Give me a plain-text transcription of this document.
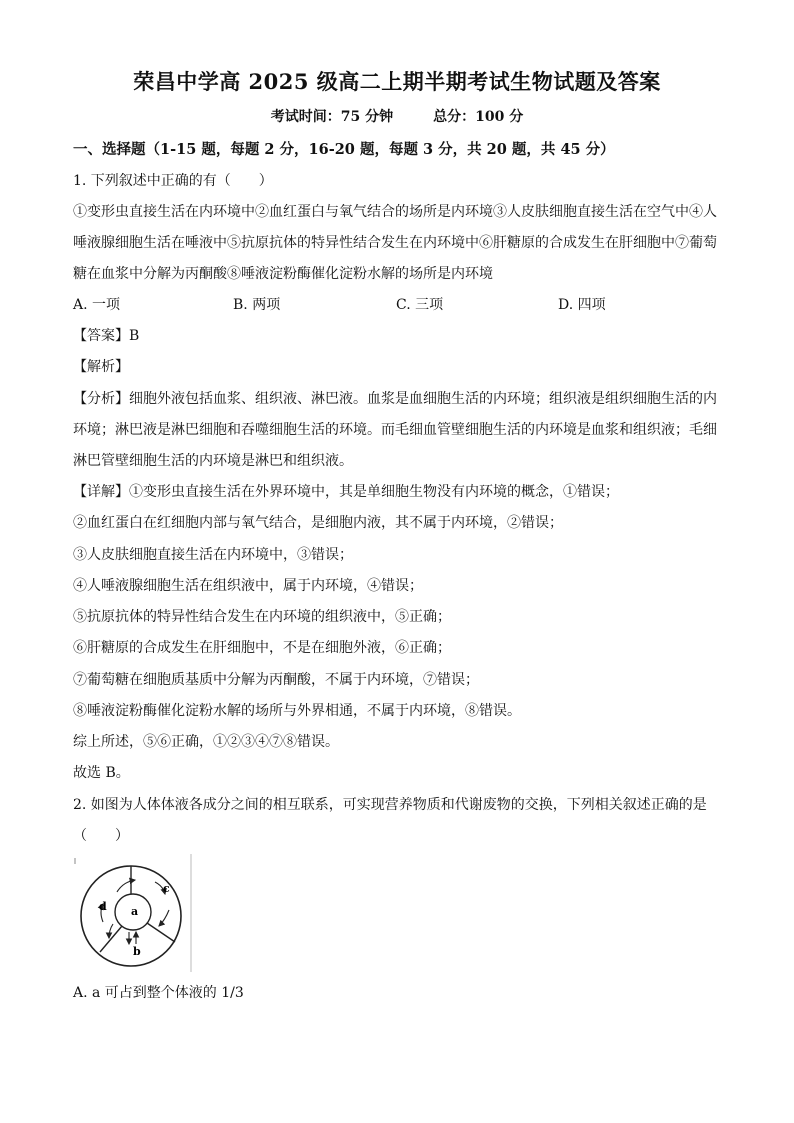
荣昌中学高 2025 级高二上期半期考试生物试题及答案
考试时间：75 分钟	总分：100 分
一、选择题（1-15 题，每题 2 分，16-20 题，每题 3 分，共 20 题，共 45 分）
1. 下列叙述中正确的有（　　）
①变形虫直接生活在内环境中②血红蛋白与氧气结合的场所是内环境③人皮肤细胞直接生活在空气中④人
唾液腺细胞生活在唾液中⑤抗原抗体的特异性结合发生在内环境中⑥肝糖原的合成发生在肝细胞中⑦葡萄
糖在血浆中分解为丙酮酸⑧唾液淀粉酶催化淀粉水解的场所是内环境
A. 一项	B. 两项	C. 三项	D. 四项
【答案】B
【解析】
【分析】细胞外液包括血浆、组织液、淋巴液。血浆是血细胞生活的内环境；组织液是组织细胞生活的内
环境；淋巴液是淋巴细胞和吞噬细胞生活的环境。而毛细血管壁细胞生活的内环境是血浆和组织液；毛细
淋巴管壁细胞生活的内环境是淋巴和组织液。
【详解】①变形虫直接生活在外界环境中，其是单细胞生物没有内环境的概念，①错误；
②血红蛋白在红细胞内部与氧气结合，是细胞内液，其不属于内环境，②错误；
③人皮肤细胞直接生活在内环境中，③错误；
④人唾液腺细胞生活在组织液中，属于内环境，④错误；
⑤抗原抗体的特异性结合发生在内环境的组织液中，⑤正确；
⑥肝糖原的合成发生在肝细胞中，不是在细胞外液，⑥正确；
⑦葡萄糖在细胞质基质中分解为丙酮酸，不属于内环境，⑦错误；
⑧唾液淀粉酶催化淀粉水解的场所与外界相通，不属于内环境，⑧错误。
综上所述，⑤⑥正确，①②③④⑦⑧错误。
故选 B。
2. 如图为人体体液各成分之间的相互联系，可实现营养物质和代谢废物的交换，下列相关叙述正确的是
（　　）
a
b
c
d
A. a 可占到整个体液的 1/3
